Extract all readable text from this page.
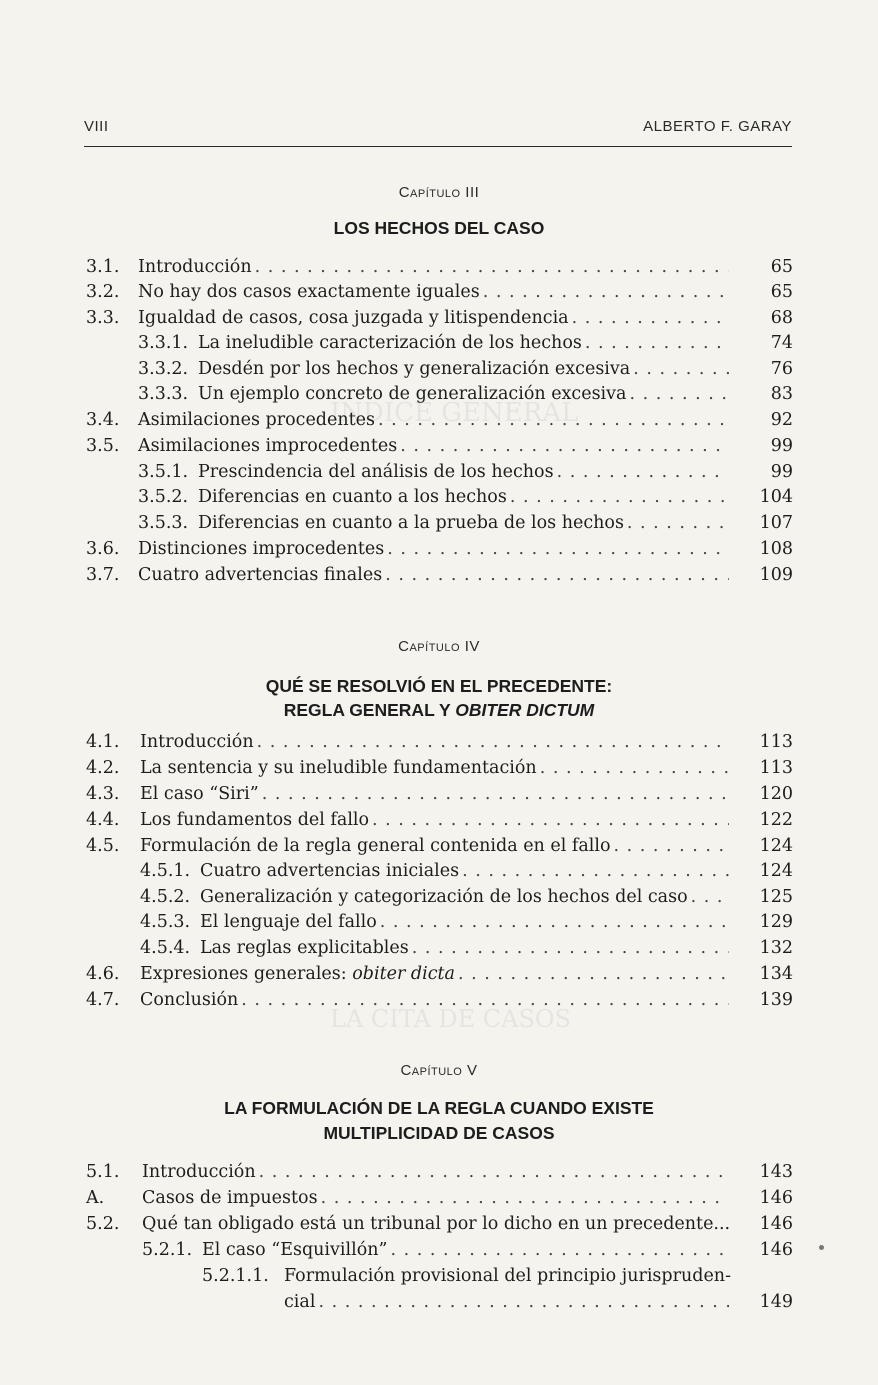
ÍNDICE GENERAL
LA CITA DE CASOS
VIII	ALBERTO F. GARAY
Capítulo III
LOS HECHOS DEL CASO
3.1.	Introducción . . .	65
3.2.	No hay dos casos exactamente iguales . . .	65
3.3.	Igualdad de casos, cosa juzgada y litispendencia . . .	68
3.3.1. La ineludible caracterización de los hechos . . .	74
3.3.2. Desdén por los hechos y generalización excesiva . . .	76
3.3.3. Un ejemplo concreto de generalización excesiva . . .	83
3.4.	Asimilaciones procedentes . . .	92
3.5.	Asimilaciones improcedentes . . .	99
3.5.1. Prescindencia del análisis de los hechos . . .	99
3.5.2. Diferencias en cuanto a los hechos . . .	104
3.5.3. Diferencias en cuanto a la prueba de los hechos . . .	107
3.6.	Distinciones improcedentes . . .	108
3.7.	Cuatro advertencias finales . . .	109
Capítulo IV
QUÉ SE RESOLVIÓ EN EL PRECEDENTE:
REGLA GENERAL Y OBITER DICTUM
4.1.	Introducción . . .	113
4.2.	La sentencia y su ineludible fundamentación . . .	113
4.3.	El caso “Siri” . . .	120
4.4.	Los fundamentos del fallo . . .	122
4.5.	Formulación de la regla general contenida en el fallo . . .	124
4.5.1. Cuatro advertencias iniciales . . .	124
4.5.2. Generalización y categorización de los hechos del caso . . .	125
4.5.3. El lenguaje del fallo . . .	129
4.5.4. Las reglas explicitables . . .	132
4.6.	Expresiones generales: obiter dicta . . .	134
4.7.	Conclusión . . .	139
Capítulo V
LA FORMULACIÓN DE LA REGLA CUANDO EXISTE
MULTIPLICIDAD DE CASOS
5.1.	Introducción . . .	143
A.	Casos de impuestos . . .	146
5.2.	Qué tan obligado está un tribunal por lo dicho en un precedente...	146
5.2.1. El caso “Esquivillón” . . .	146
5.2.1.1. Formulación provisional del principio jurispruden-
cial . . .	149
